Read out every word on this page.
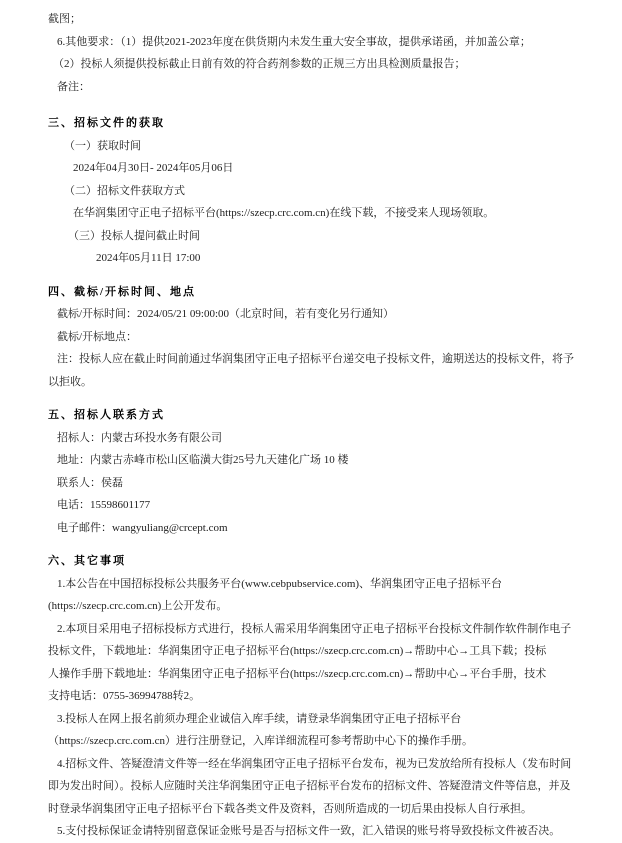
截图；
6.其他要求：（1）提供2021-2023年度在供货期内未发生重大安全事故，提供承诺函，并加盖公章；
（2）投标人须提供投标截止日前有效的符合药剂参数的正规三方出具检测质量报告；
备注：
三、招标文件的获取
（一）获取时间
2024年04月30日- 2024年05月06日
（二）招标文件获取方式
在华润集团守正电子招标平台(https://szecp.crc.com.cn)在线下载，不接受来人现场领取。
（三）投标人提问截止时间
2024年05月11日 17:00
四、截标/开标时间、地点
截标/开标时间：2024/05/21 09:00:00（北京时间，若有变化另行通知）
截标/开标地点：
注：投标人应在截止时间前通过华润集团守正电子招标平台递交电子投标文件，逾期送达的投标文件，将予
以拒收。
五、招标人联系方式
招标人：内蒙古环投水务有限公司
地址：内蒙古赤峰市松山区临潢大街25号九天建化广场 10 楼
联系人：侯磊
电话：15598601177
电子邮件：wangyuliang@crcept.com
六、其它事项
1.本公告在中国招标投标公共服务平台(www.cebpubservice.com)、华润集团守正电子招标平台
(https://szecp.crc.com.cn)上公开发布。
2.本项目采用电子招标投标方式进行，投标人需采用华润集团守正电子招标平台投标文件制作软件制作电子
投标文件，下载地址：华润集团守正电子招标平台(https://szecp.crc.com.cn)→帮助中心→工具下载；投标
人操作手册下载地址：华润集团守正电子招标平台(https://szecp.crc.com.cn)→帮助中心→平台手册，技术
支持电话：0755-36994788转2。
3.投标人在网上报名前须办理企业诚信入库手续，请登录华润集团守正电子招标平台
（https://szecp.crc.com.cn）进行注册登记，入库详细流程可参考帮助中心下的操作手册。
4.招标文件、答疑澄清文件等一经在华润集团守正电子招标平台发布，视为已发放给所有投标人（发布时间
即为发出时间）。投标人应随时关注华润集团守正电子招标平台发布的招标文件、答疑澄清文件等信息，并及
时登录华润集团守正电子招标平台下载各类文件及资料，否则所造成的一切后果由投标人自行承担。
5.支付投标保证金请特别留意保证金账号是否与招标文件一致，汇入错误的账号将导致投标文件被否决。
